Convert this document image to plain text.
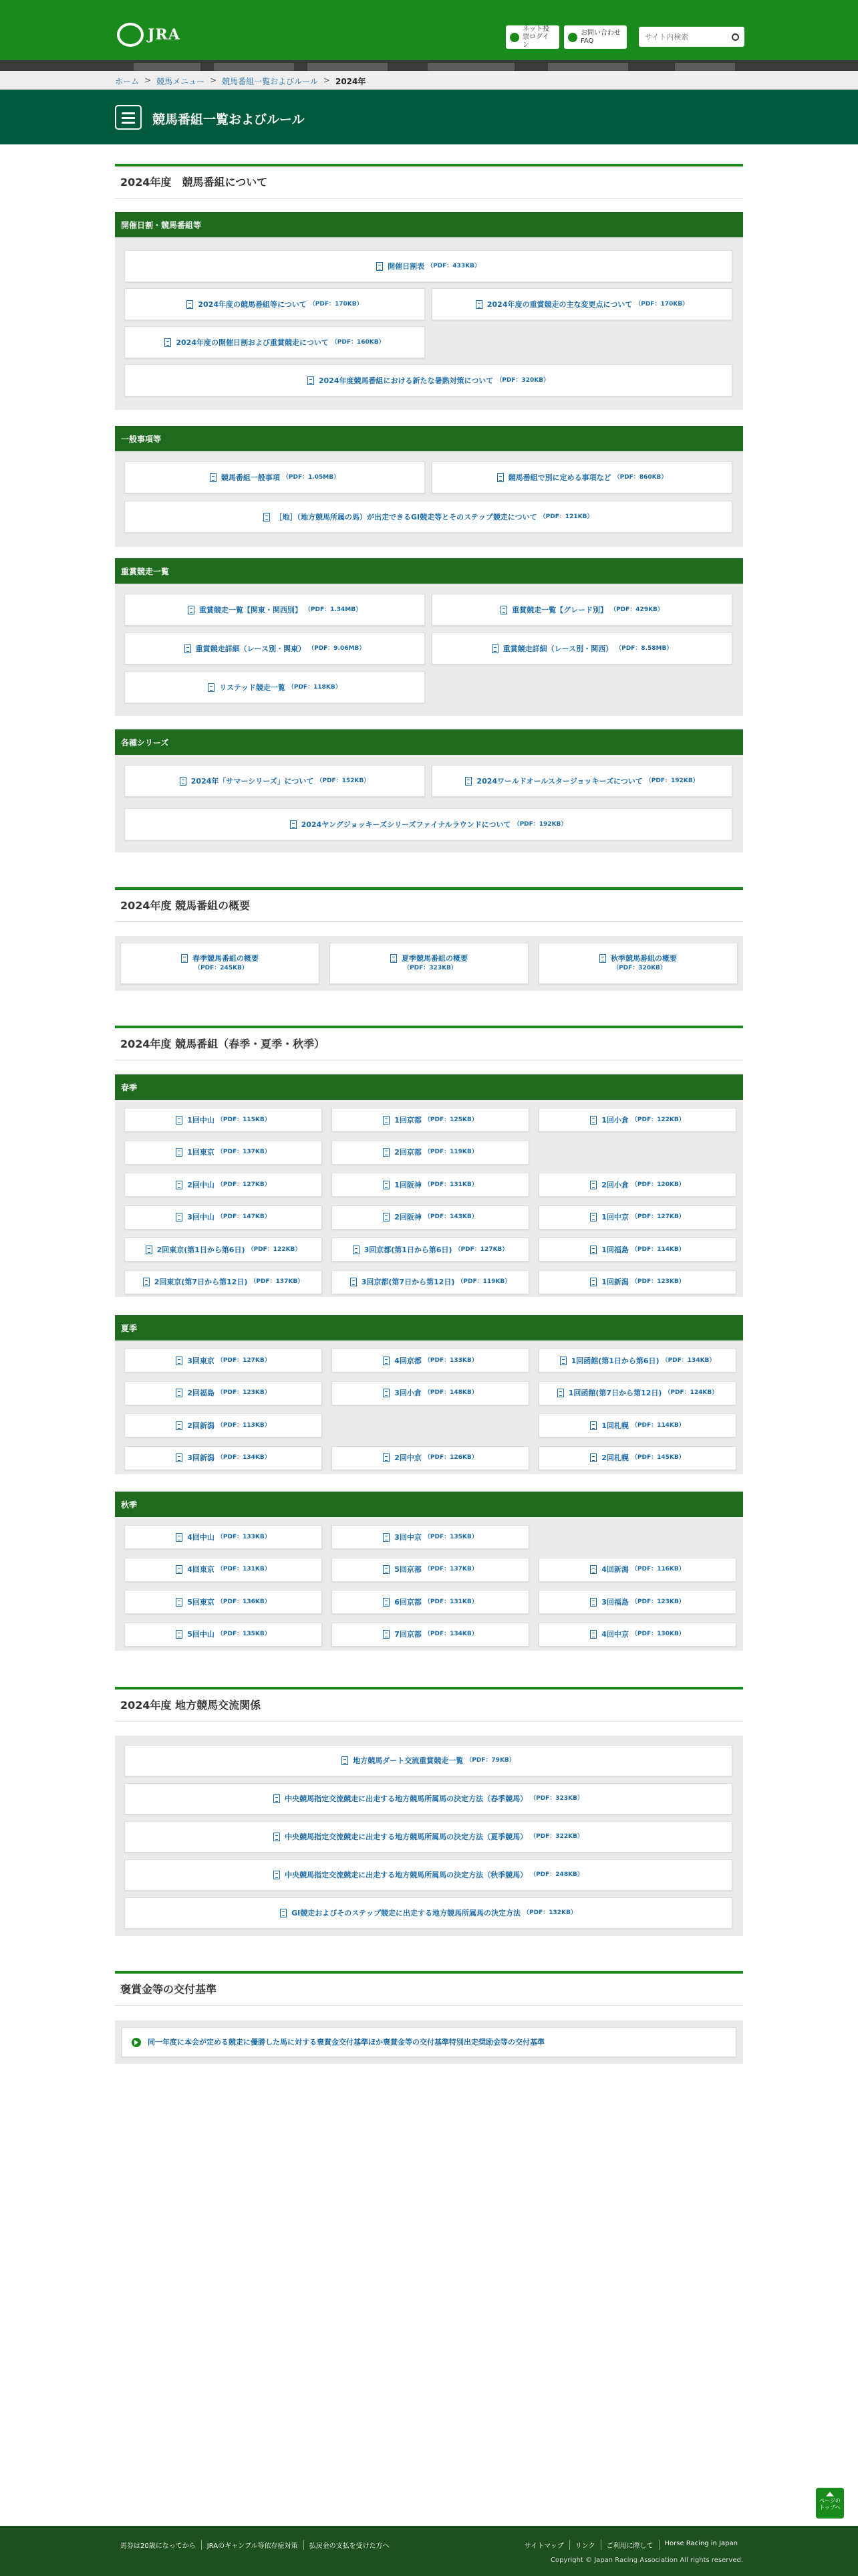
JRA	ネット投票ログイン
お問い合わせFAQ
サイト内検索
ホーム > 競馬メニュー > 競馬番組一覧およびルール > 2024年
競馬番組一覧およびルール
2024年度　競馬番組について
開催日割・競馬番組等
開催日割表 （PDF：433KB）
2024年度の競馬番組等について （PDF：170KB）	2024年度の重賞競走の主な変更点について （PDF：170KB）
2024年度の開催日割および重賞競走について （PDF：160KB）
2024年度競馬番組における新たな暑熱対策について （PDF：320KB）
一般事項等
競馬番組一般事項 （PDF：1.05MB）	競馬番組で別に定める事項など （PDF：860KB）
［地］（地方競馬所属の馬）が出走できるGI競走等とそのステップ競走について （PDF：121KB）
重賞競走一覧
重賞競走一覧【関東・関西別】 （PDF：1.34MB）	重賞競走一覧【グレード別】 （PDF：429KB）
重賞競走詳細（レース別・関東） （PDF：9.06MB）	重賞競走詳細（レース別・関西） （PDF：8.58MB）
リステッド競走一覧 （PDF：118KB）
各種シリーズ
2024年「サマーシリーズ」について （PDF：152KB）	2024ワールドオールスタージョッキーズについて （PDF：192KB）
2024ヤングジョッキーズシリーズファイナルラウンドについて （PDF：192KB）
2024年度 競馬番組の概要
春季競馬番組の概要
（PDF：245KB）
夏季競馬番組の概要
（PDF：323KB）
秋季競馬番組の概要
（PDF：320KB）
2024年度 競馬番組（春季・夏季・秋季）
春季
1回中山 （PDF：115KB）	1回京都 （PDF：125KB）	1回小倉 （PDF：122KB）
1回東京 （PDF：137KB）	2回京都 （PDF：119KB）
2回中山 （PDF：127KB）	1回阪神 （PDF：131KB）	2回小倉 （PDF：120KB）
3回中山 （PDF：147KB）	2回阪神 （PDF：143KB）	1回中京 （PDF：127KB）
2回東京(第1日から第6日) （PDF：122KB）	3回京都(第1日から第6日) （PDF：127KB）	1回福島 （PDF：114KB）
2回東京(第7日から第12日) （PDF：137KB）	3回京都(第7日から第12日) （PDF：119KB）	1回新潟 （PDF：123KB）
夏季
3回東京 （PDF：127KB）	4回京都 （PDF：133KB）	1回函館(第1日から第6日) （PDF：134KB）
2回福島 （PDF：123KB）	3回小倉 （PDF：148KB）	1回函館(第7日から第12日) （PDF：124KB）
2回新潟 （PDF：113KB）	1回札幌 （PDF：114KB）
3回新潟 （PDF：134KB）	2回中京 （PDF：126KB）	2回札幌 （PDF：145KB）
秋季
4回中山 （PDF：133KB）	3回中京 （PDF：135KB）
4回東京 （PDF：131KB）	5回京都 （PDF：137KB）	4回新潟 （PDF：116KB）
5回東京 （PDF：136KB）	6回京都 （PDF：131KB）	3回福島 （PDF：123KB）
5回中山 （PDF：135KB）	7回京都 （PDF：134KB）	4回中京 （PDF：130KB）
2024年度 地方競馬交流関係
地方競馬ダート交流重賞競走一覧 （PDF：79KB）
中央競馬指定交流競走に出走する地方競馬所属馬の決定方法（春季競馬） （PDF：323KB）
中央競馬指定交流競走に出走する地方競馬所属馬の決定方法（夏季競馬） （PDF：322KB）
中央競馬指定交流競走に出走する地方競馬所属馬の決定方法（秋季競馬） （PDF：248KB）
GI競走およびそのステップ競走に出走する地方競馬所属馬の決定方法 （PDF：132KB）
褒賞金等の交付基準
同一年度に本会が定める競走に優勝した馬に対する褒賞金交付基準ほか褒賞金等の交付基準特別出走奨励金等の交付基準
ページの
トップへ
馬券は20歳になってから	JRAのギャンブル等依存症対策	払戻金の支払を受けた方へ	サイトマップ	リンク	ご利用に際して	Horse Racing in Japan
Copyright © Japan Racing Association All rights reserved.
